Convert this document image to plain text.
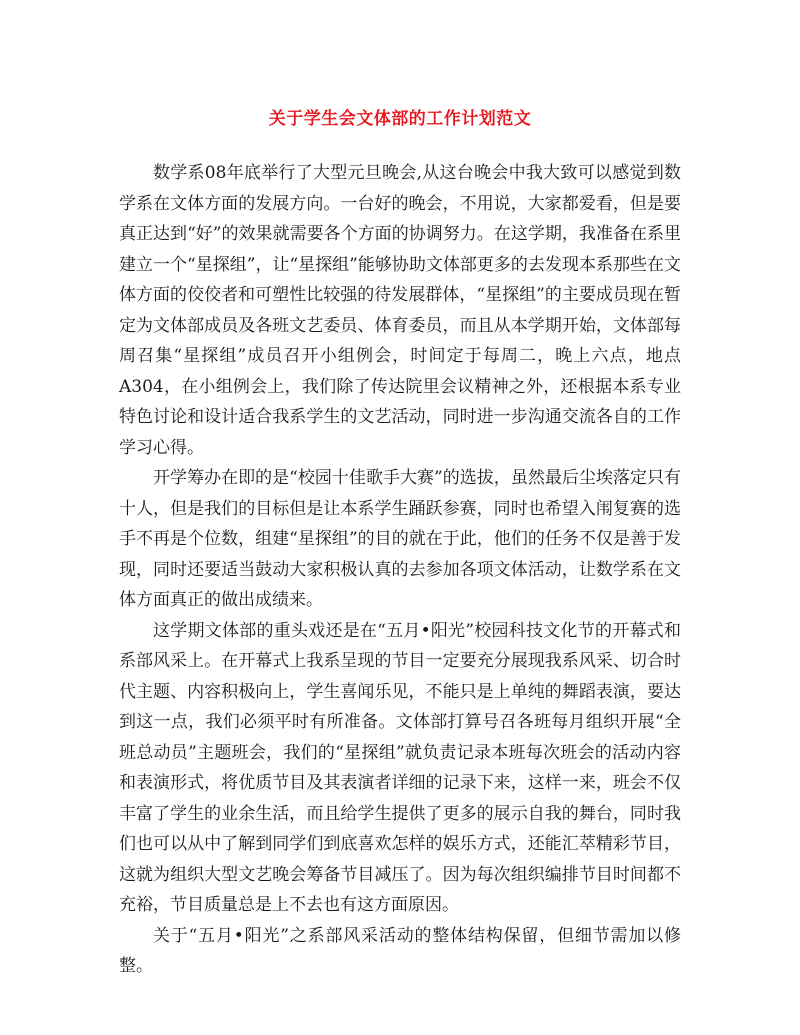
关于学生会文体部的工作计划范文

数学系08年底举行了大型元旦晚会,从这台晚会中我大致可以感觉到数学系在文体方面的发展方向。一台好的晚会，不用说，大家都爱看，但是要真正达到“好”的效果就需要各个方面的协调努力。在这学期，我准备在系里建立一个“星探组”，让“星探组”能够协助文体部更多的去发现本系那些在文体方面的佼佼者和可塑性比较强的待发展群体，“星探组”的主要成员现在暂定为文体部成员及各班文艺委员、体育委员，而且从本学期开始，文体部每周召集“星探组”成员召开小组例会，时间定于每周二，晚上六点，地点A304，在小组例会上，我们除了传达院里会议精神之外，还根据本系专业特色讨论和设计适合我系学生的文艺活动，同时进一步沟通交流各自的工作学习心得。

开学筹办在即的是“校园十佳歌手大赛”的选拔，虽然最后尘埃落定只有十人，但是我们的目标但是让本系学生踊跃参赛，同时也希望入闱复赛的选手不再是个位数，组建“星探组”的目的就在于此，他们的任务不仅是善于发现，同时还要适当鼓动大家积极认真的去参加各项文体活动，让数学系在文体方面真正的做出成绩来。

这学期文体部的重头戏还是在“五月•阳光”校园科技文化节的开幕式和系部风采上。在开幕式上我系呈现的节目一定要充分展现我系风采、切合时代主题、内容积极向上，学生喜闻乐见，不能只是上单纯的舞蹈表演，要达到这一点，我们必须平时有所准备。文体部打算号召各班每月组织开展“全班总动员”主题班会，我们的“星探组”就负责记录本班每次班会的活动内容和表演形式，将优质节目及其表演者详细的记录下来，这样一来，班会不仅丰富了学生的业余生活，而且给学生提供了更多的展示自我的舞台，同时我们也可以从中了解到同学们到底喜欢怎样的娱乐方式，还能汇萃精彩节目，这就为组织大型文艺晚会筹备节目减压了。因为每次组织编排节目时间都不充裕，节目质量总是上不去也有这方面原因。

关于“五月•阳光”之系部风采活动的整体结构保留，但细节需加以修整。
